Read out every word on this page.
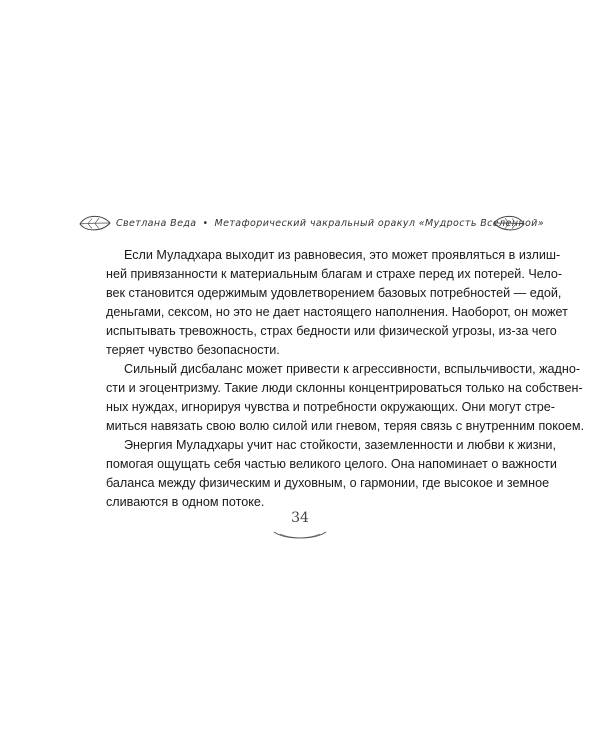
Светлана Веда • Метафорический чакральный оракул «Мудрость Вселенной»
Если Муладхара выходит из равновесия, это может проявляться в излиш-
ней привязанности к материальным благам и страхе перед их потерей. Чело-
век становится одержимым удовлетворением базовых потребностей — едой,
деньгами, сексом, но это не дает настоящего наполнения. Наоборот, он может
испытывать тревожность, страх бедности или физической угрозы, из-за чего
теряет чувство безопасности.
Сильный дисбаланс может привести к агрессивности, вспыльчивости, жадно-
сти и эгоцентризму. Такие люди склонны концентрироваться только на собствен-
ных нуждах, игнорируя чувства и потребности окружающих. Они могут стре-
миться навязать свою волю силой или гневом, теряя связь с внутренним покоем.
Энергия Муладхары учит нас стойкости, заземленности и любви к жизни,
помогая ощущать себя частью великого целого. Она напоминает о важности
баланса между физическим и духовным, о гармонии, где высокое и земное
сливаются в одном потоке.
34
